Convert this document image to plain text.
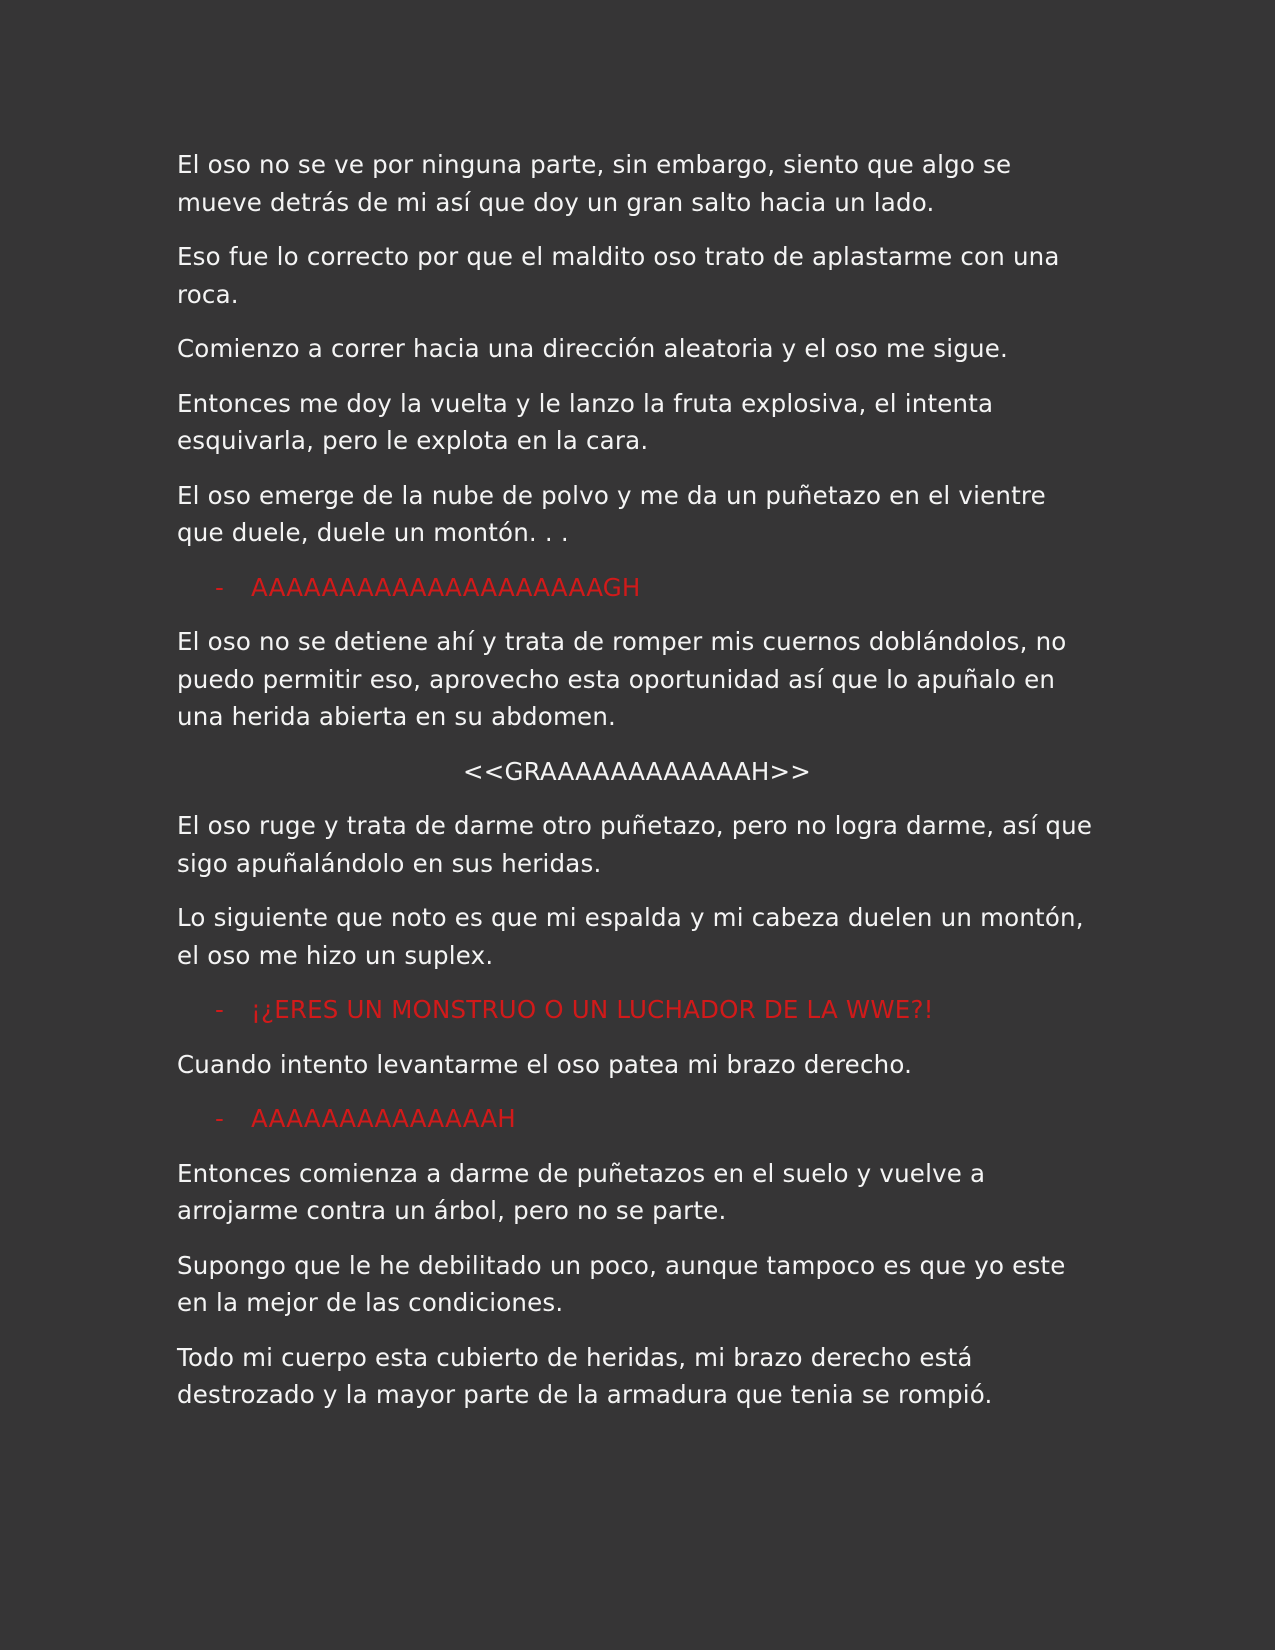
El oso no se ve por ninguna parte, sin embargo, siento que algo se mueve detrás de mi así que doy un gran salto hacia un lado.

Eso fue lo correcto por que el maldito oso trato de aplastarme con una roca.

Comienzo a correr hacia una dirección aleatoria y el oso me sigue.

Entonces me doy la vuelta y le lanzo la fruta explosiva, el intenta esquivarla, pero le explota en la cara.

El oso emerge de la nube de polvo y me da un puñetazo en el vientre que duele, duele un montón. . .

-	AAAAAAAAAAAAAAAAAAAAGH

El oso no se detiene ahí y trata de romper mis cuernos doblándolos, no puedo permitir eso, aprovecho esta oportunidad así que lo apuñalo en una herida abierta en su abdomen.

<<GRAAAAAAAAAAAAH>>

El oso ruge y trata de darme otro puñetazo, pero no logra darme, así que sigo apuñalándolo en sus heridas.

Lo siguiente que noto es que mi espalda y mi cabeza duelen un montón, el oso me hizo un suplex.

-	¡¿ERES UN MONSTRUO O UN LUCHADOR DE LA WWE?!

Cuando intento levantarme el oso patea mi brazo derecho.

-	AAAAAAAAAAAAAAH

Entonces comienza a darme de puñetazos en el suelo y vuelve a arrojarme contra un árbol, pero no se parte.

Supongo que le he debilitado un poco, aunque tampoco es que yo este en la mejor de las condiciones.

Todo mi cuerpo esta cubierto de heridas, mi brazo derecho está destrozado y la mayor parte de la armadura que tenia se rompió.
